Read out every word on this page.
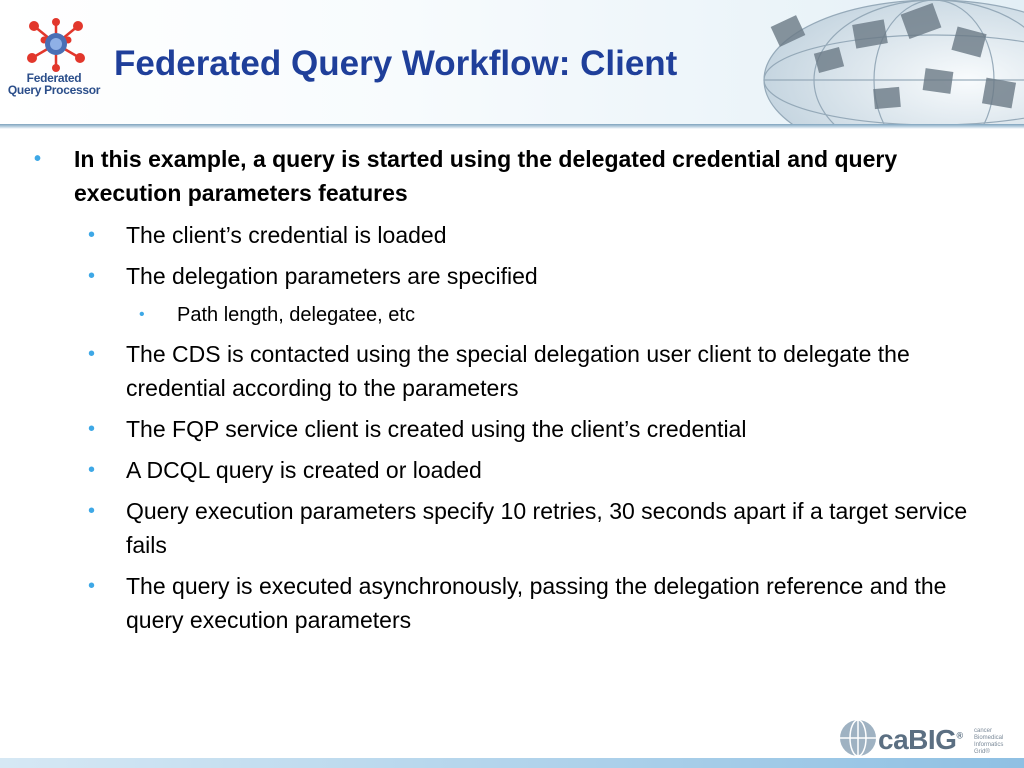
Federated
Query Processor
Federated Query Workflow: Client
• In this example, a query is started using the delegated credential and query execution parameters features
• The client’s credential is loaded
• The delegation parameters are specified
• Path length, delegatee, etc
• The CDS is contacted using the special delegation user client to delegate the credential according to the parameters
• The FQP service client is created using the client’s credential
• A DCQL query is created or loaded
• Query execution parameters specify 10 retries, 30 seconds apart if a target service fails
• The query is executed asynchronously, passing the delegation reference and the query execution parameters
caBIG® cancer Biomedical Informatics Grid®
